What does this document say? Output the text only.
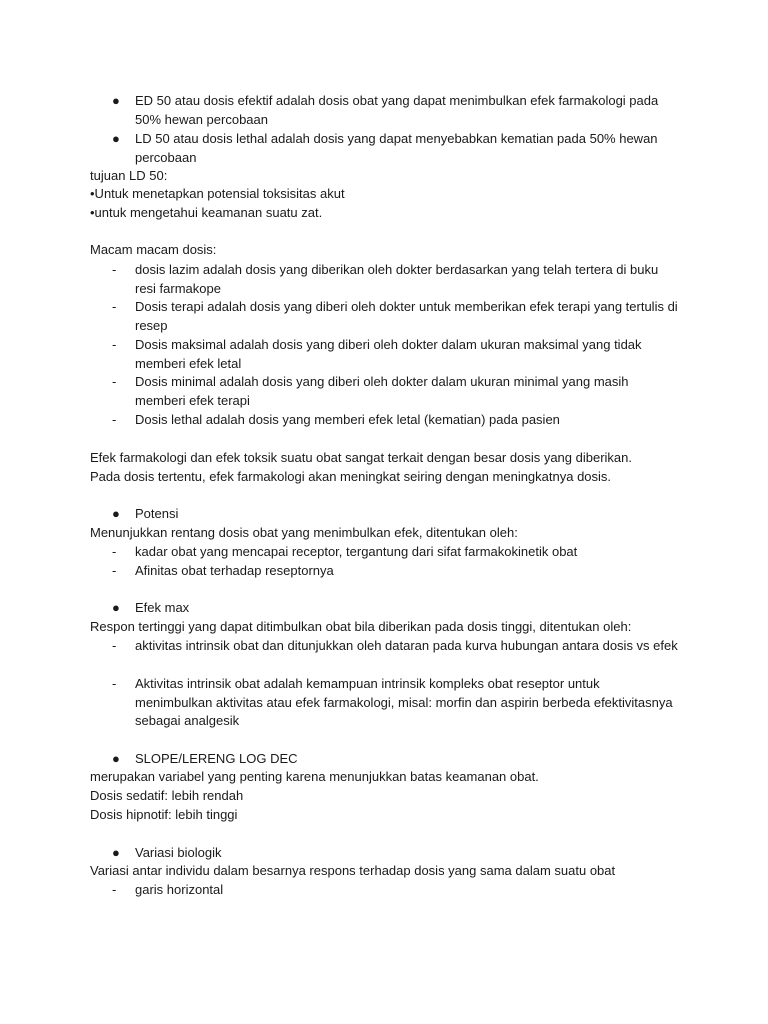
●	ED 50 atau dosis efektif adalah dosis obat yang dapat menimbulkan efek farmakologi pada 50% hewan percobaan
●	LD 50 atau dosis lethal adalah dosis yang dapat menyebabkan kematian pada 50% hewan percobaan
tujuan LD 50:
•Untuk menetapkan potensial toksisitas akut
•untuk mengetahui keamanan suatu zat.
Macam macam dosis:
-	dosis lazim adalah dosis yang diberikan oleh dokter berdasarkan yang telah tertera di buku resi farmakope
-	Dosis terapi adalah dosis yang diberi oleh dokter untuk memberikan efek terapi yang tertulis di resep
-	Dosis maksimal adalah dosis yang diberi oleh dokter dalam ukuran maksimal yang tidak memberi efek letal
-	Dosis minimal adalah dosis yang diberi oleh dokter dalam ukuran minimal yang masih memberi efek terapi
-	Dosis lethal adalah dosis yang memberi efek letal (kematian) pada pasien
Efek farmakologi dan efek toksik suatu obat sangat terkait dengan besar dosis yang diberikan.
Pada dosis tertentu, efek farmakologi akan meningkat seiring dengan meningkatnya dosis.
●	Potensi
Menunjukkan rentang dosis obat yang menimbulkan efek, ditentukan oleh:
-	kadar obat yang mencapai receptor, tergantung dari sifat farmakokinetik obat
-	Afinitas obat terhadap reseptornya
●	Efek max
Respon tertinggi yang dapat ditimbulkan obat bila diberikan pada dosis tinggi, ditentukan oleh:
-	aktivitas intrinsik obat dan ditunjukkan oleh dataran pada kurva hubungan antara dosis vs efek
-	Aktivitas intrinsik obat adalah kemampuan intrinsik kompleks obat reseptor untuk menimbulkan aktivitas atau efek farmakologi, misal: morfin dan aspirin berbeda efektivitasnya sebagai analgesik
●	SLOPE/LERENG LOG DEC
merupakan variabel yang penting karena menunjukkan batas keamanan obat.
Dosis sedatif: lebih rendah
Dosis hipnotif: lebih tinggi
●	Variasi biologik
Variasi antar individu dalam besarnya respons terhadap dosis yang sama dalam suatu obat
-	garis horizontal
